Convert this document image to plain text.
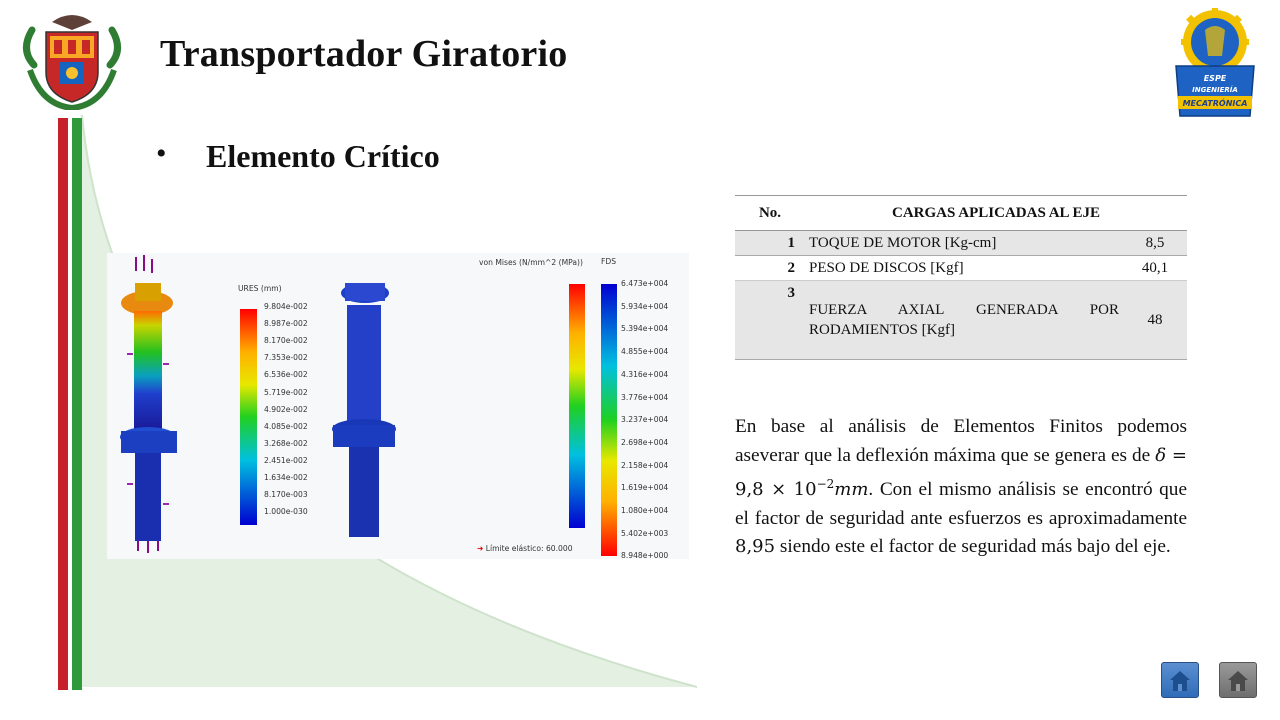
ESPE
INGENIERÍA
MECATRÓNICA
Transportador Giratorio
• Elemento Crítico
URES (mm)
9.804e-002
8.987e-002
8.170e-002
7.353e-002
6.536e-002
5.719e-002
4.902e-002
4.085e-002
3.268e-002
2.451e-002
1.634e-002
8.170e-003
1.000e-030
von Mises (N/mm^2 (MPa))
➜ Límite elástico: 60.000
FDS
6.473e+004
5.934e+004
5.394e+004
4.855e+004
4.316e+004
3.776e+004
3.237e+004
2.698e+004
2.158e+004
1.619e+004
1.080e+004
5.402e+003
8.948e+000
No.	CARGAS APLICADAS AL EJE	
1	TOQUE DE MOTOR [Kg-cm]	8,5
2	PESO DE DISCOS [Kgf]	40,1
3	FUERZA AXIAL GENERADA POR RODAMIENTOS [Kgf]	48
En base al análisis de Elementos Finitos podemos aseverar que la deflexión máxima que se genera es de $\delta = 9,8 \times 10^{-2}mm$. Con el mismo análisis se encontró que el factor de seguridad ante esfuerzos es aproximadamente 8,95 siendo este el factor de seguridad más bajo del eje.
